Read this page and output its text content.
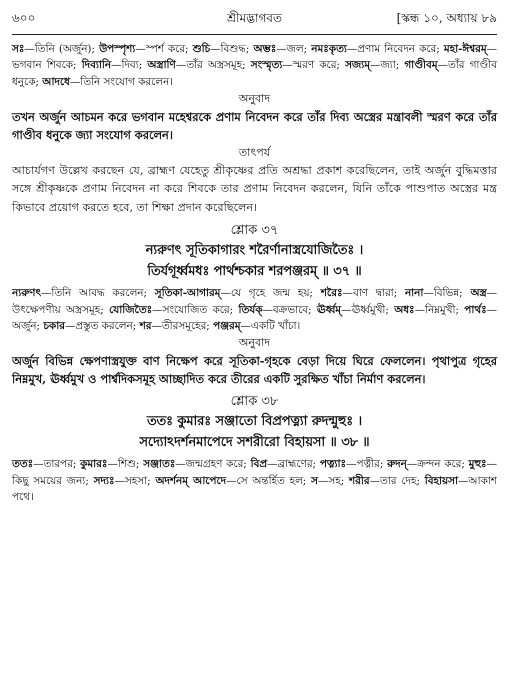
৬০০	শ্রীমদ্ভাগবত	[স্কন্ধ ১০, অধ্যায় ৮৯

সঃ—তিনি (অর্জুন); উপস্পৃশ্য—স্পর্শ করে; শুচি—বিশুদ্ধ; অম্ভঃ—জল; নমঃকৃত্য—প্রণাম নিবেদন করে; মহা-ঈশ্বরম্—ভগবান শিবকে; দিব্যানি—দিব্য; অস্ত্রাণি—তাঁর অস্ত্রসমূহ; সংস্মৃত্য—স্মরণ করে; সজ্যম্—জ্যা; গাণ্ডীবম্—তাঁর গাণ্ডীব ধনুকে; আদধে—তিনি সংযোগ করলেন।

অনুবাদ

তখন অর্জুন আচমন করে ভগবান মহেশ্বরকে প্রণাম নিবেদন করে তাঁর দিব্য অস্ত্রের মন্ত্রাবলী স্মরণ করে তাঁর গাণ্ডীব ধনুকে জ্যা সংযোগ করলেন।

তাৎপর্য

আচার্যগণ উল্লেখ করছেন যে, ব্রাহ্মণ যেহেতু শ্রীকৃষ্ণের প্রতি অশ্রদ্ধা প্রকাশ করেছিলেন, তাই অর্জুন বুদ্ধিমত্তার সঙ্গে শ্রীকৃষ্ণকে প্রণাম নিবেদন না করে শিবকে তার প্রণাম নিবেদন করলেন, যিনি তাঁকে পাশুপাত অস্ত্রের মন্ত্র কিভাবে প্রয়োগ করতে হবে, তা শিক্ষা প্রদান করেছিলেন।

শ্লোক ৩৭
ন্যরুণৎ সূতিকাগারং শরৈর্ণানাস্ত্রযোজিতৈঃ ।
তির্যগূর্ধ্বমধঃ পার্থশ্চকার শরপঞ্জরম্‌ ॥ ৩৭ ॥

ন্যরুণৎ—তিনি আবদ্ধ করলেন; সূতিকা-আগারম্—যে গৃহে জন্ম হয়; শরৈঃ—বাণ দ্বারা; নানা—বিভিন্ন; অস্ত্র—উৎক্ষেপণীয় অস্ত্রসমূহ; যোজিতৈঃ—সংযোজিত করে; তির্যক্—বক্রভাবে; ঊর্ধ্বম্—ঊর্ধ্বমুখী; অধঃ—নিম্নমুখী; পার্থঃ—অর্জুন; চকার—প্রস্তুত করলেন; শর—তীরসমূহের; পঞ্জরম্—একটি খাঁচা।

অনুবাদ

অর্জুন বিভিন্ন ক্ষেপণাস্ত্রযুক্ত বাণ নিক্ষেপ করে সূতিকা-গৃহকে বেড়া দিয়ে ঘিরে ফেললেন। পৃথাপুত্র গৃহের নিম্নমুখ, ঊর্ধ্বমুখ ও পার্শ্বদিকসমূহ আচ্ছাদিত করে তীরের একটি সুরক্ষিত খাঁচা নির্মাণ করলেন।

শ্লোক ৩৮
ততঃ কুমারঃ সঞ্জাতো বিপ্রপত্ন্যা রুদন্মুহুঃ ।
সদ্যোঽদর্শনমাপেদে সশরীরো বিহায়সা ॥ ৩৮ ॥

ততঃ—তারপর; কুমারঃ—শিশু; সঞ্জাতঃ—জন্মগ্রহণ করে; বিপ্র—ব্রাহ্মণের; পত্ন্যাঃ—পত্নীর; রুদন্—ক্রন্দন করে; মুহুঃ—কিছু সময়ের জন্য; সদ্যঃ—সহসা; অদর্শনম্ আপেদে—সে অন্তর্হিত হল; স—সহ; শরীর—তার দেহ; বিহায়সা—আকাশ পথে।
